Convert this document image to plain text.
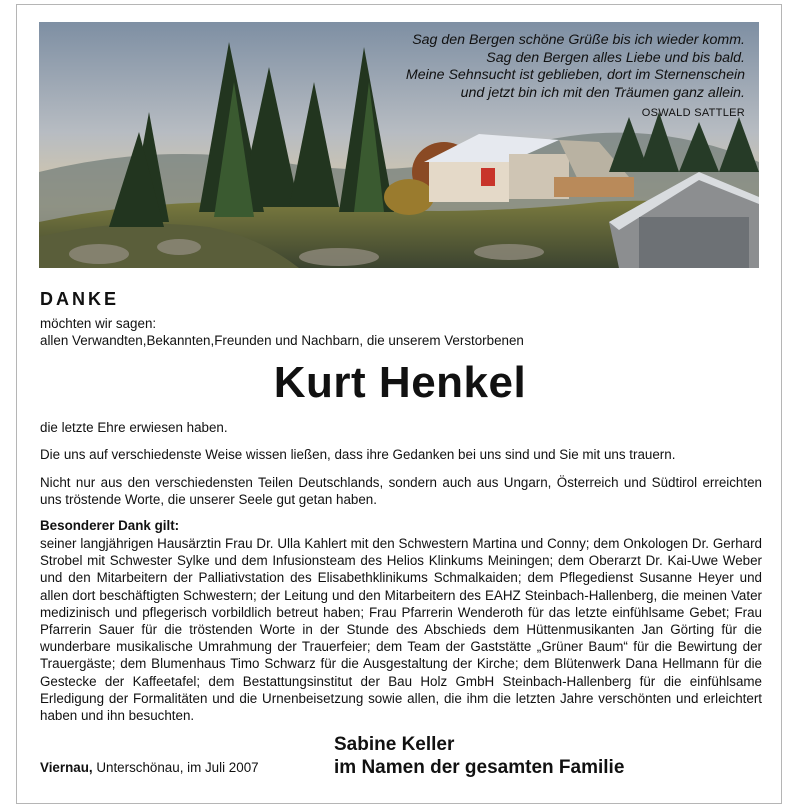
Sag den Bergen schöne Grüße bis ich wieder komm.
Sag den Bergen alles Liebe und bis bald.
Meine Sehnsucht ist geblieben, dort im Sternenschein
und jetzt bin ich mit den Träumen ganz allein.
OSWALD SATTLER
DANKE
möchten wir sagen:
allen Verwandten,Bekannten,Freunden und Nachbarn, die unserem Verstorbenen
Kurt Henkel
die letzte Ehre erwiesen haben.
Die uns auf verschiedenste Weise wissen ließen, dass ihre Gedanken bei uns sind und Sie mit uns trauern.
Nicht nur aus den verschiedensten Teilen Deutschlands, sondern auch aus Ungarn, Österreich und Südtirol erreichten uns tröstende Worte, die unserer Seele gut getan haben.
Besonderer Dank gilt:
seiner langjährigen Hausärztin Frau Dr. Ulla Kahlert mit den Schwestern Martina und Conny; dem Onkologen Dr. Gerhard Strobel mit Schwester Sylke und dem Infusionsteam des Helios Klinkums Meiningen; dem Oberarzt Dr. Kai-Uwe Weber und den Mitarbeitern der Palliativstation des Elisabethklinikums Schmalkaiden; dem Pflegedienst Susanne Heyer und allen dort beschäftigten Schwestern; der Leitung und den Mitarbeitern des EAHZ Steinbach-Hallenberg, die meinen Vater medizinisch und pflegerisch vorbildlich betreut haben; Frau Pfarrerin Wenderoth für das letzte einfühlsame Gebet; Frau Pfarrerin Sauer für die tröstenden Worte in der Stunde des Abschieds dem Hüttenmusikanten Jan Görting für die wunderbare musikalische Umrahmung der Trauerfeier; dem Team der Gaststätte „Grüner Baum“ für die Bewirtung der Trauergäste; dem Blumenhaus Timo Schwarz für die Ausgestaltung der Kirche; dem Blütenwerk Dana Hellmann für die Gestecke der Kaffeetafel; dem Bestattungsinstitut der Bau Holz GmbH Steinbach-Hallenberg für die einfühlsame Erledigung der Formalitäten und die Urnenbeisetzung sowie allen, die ihm die letzten Jahre verschönten und erleichtert haben und ihn besuchten.
Viernau, Unterschönau, im Juli 2007
Sabine Keller
im Namen der gesamten Familie
